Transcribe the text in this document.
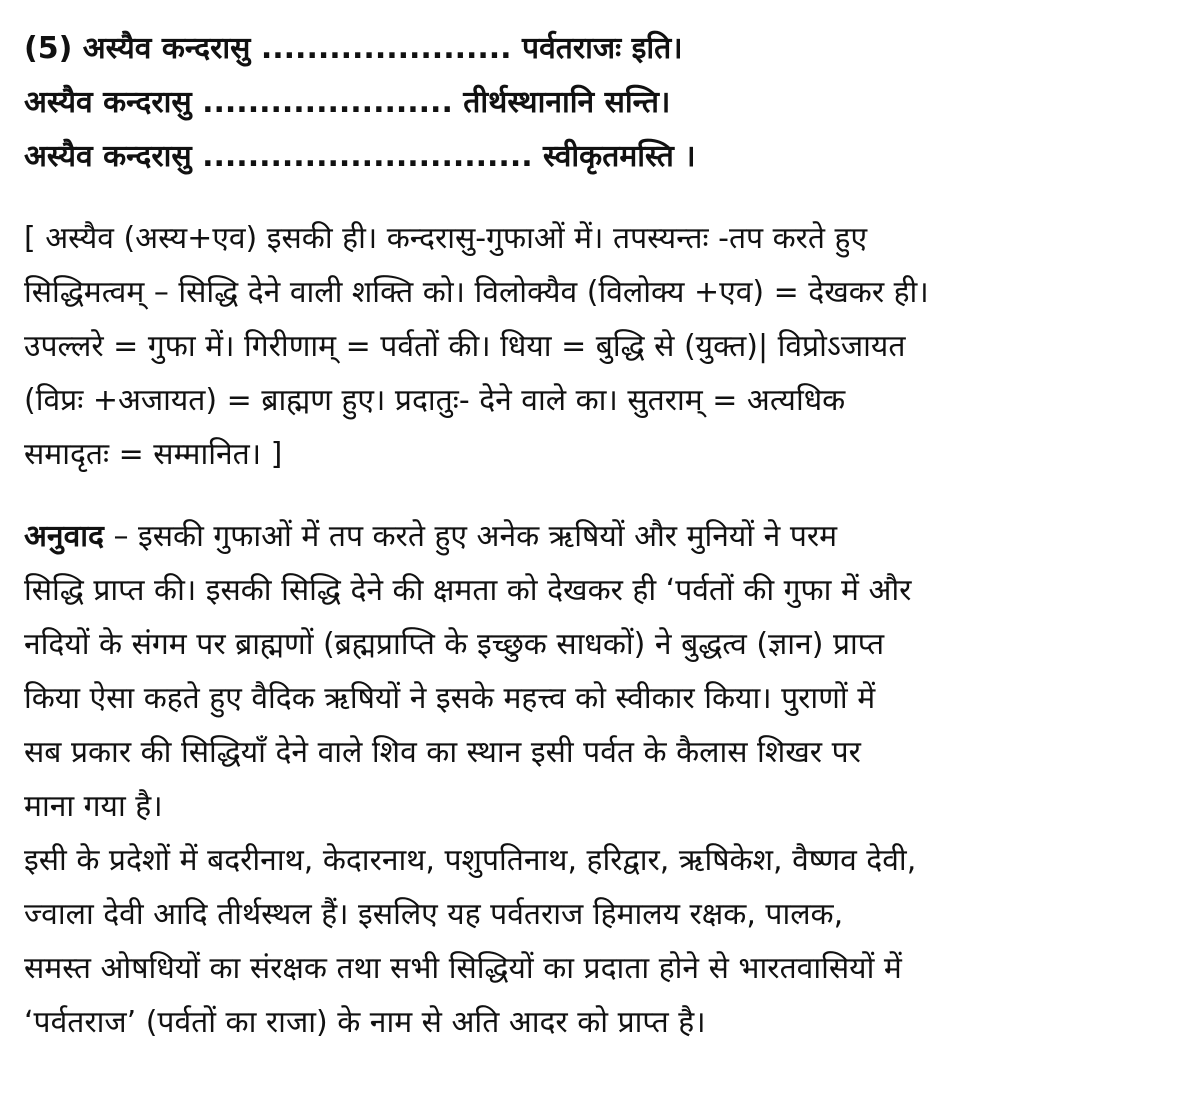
(5) अस्यैव कन्दरासु ...................... पर्वतराजः इति।
अस्यैव कन्दरासु ...................... तीर्थस्थानानि सन्ति।
अस्यैव कन्दरासु ............................. स्वीकृतमस्ति ।
[ अस्यैव (अस्य+एव) इसकी ही। कन्दरासु-गुफाओं में। तपस्यन्तः -तप करते हुए
सिद्धिमत्वम् – सिद्धि देने वाली शक्ति को। विलोक्यैव (विलोक्य +एव) = देखकर ही।
उपल्लरे = गुफा में। गिरीणाम् = पर्वतों की। धिया = बुद्धि से (युक्त)| विप्रोऽजायत
(विप्रः +अजायत) = ब्राह्मण हुए। प्रदातुः- देने वाले का। सुतराम् = अत्यधिक
समादृतः = सम्मानित। ]
अनुवाद – इसकी गुफाओं में तप करते हुए अनेक ऋषियों और मुनियों ने परम
सिद्धि प्राप्त की। इसकी सिद्धि देने की क्षमता को देखकर ही ‘पर्वतों की गुफा में और
नदियों के संगम पर ब्राह्मणों (ब्रह्मप्राप्ति के इच्छुक साधकों) ने बुद्धत्व (ज्ञान) प्राप्त
किया ऐसा कहते हुए वैदिक ऋषियों ने इसके महत्त्व को स्वीकार किया। पुराणों में
सब प्रकार की सिद्धियाँ देने वाले शिव का स्थान इसी पर्वत के कैलास शिखर पर
माना गया है।
इसी के प्रदेशों में बदरीनाथ, केदारनाथ, पशुपतिनाथ, हरिद्वार, ऋषिकेश, वैष्णव देवी,
ज्वाला देवी आदि तीर्थस्थल हैं। इसलिए यह पर्वतराज हिमालय रक्षक, पालक,
समस्त ओषधियों का संरक्षक तथा सभी सिद्धियों का प्रदाता होने से भारतवासियों में
‘पर्वतराज’ (पर्वतों का राजा) के नाम से अति आदर को प्राप्त है।
